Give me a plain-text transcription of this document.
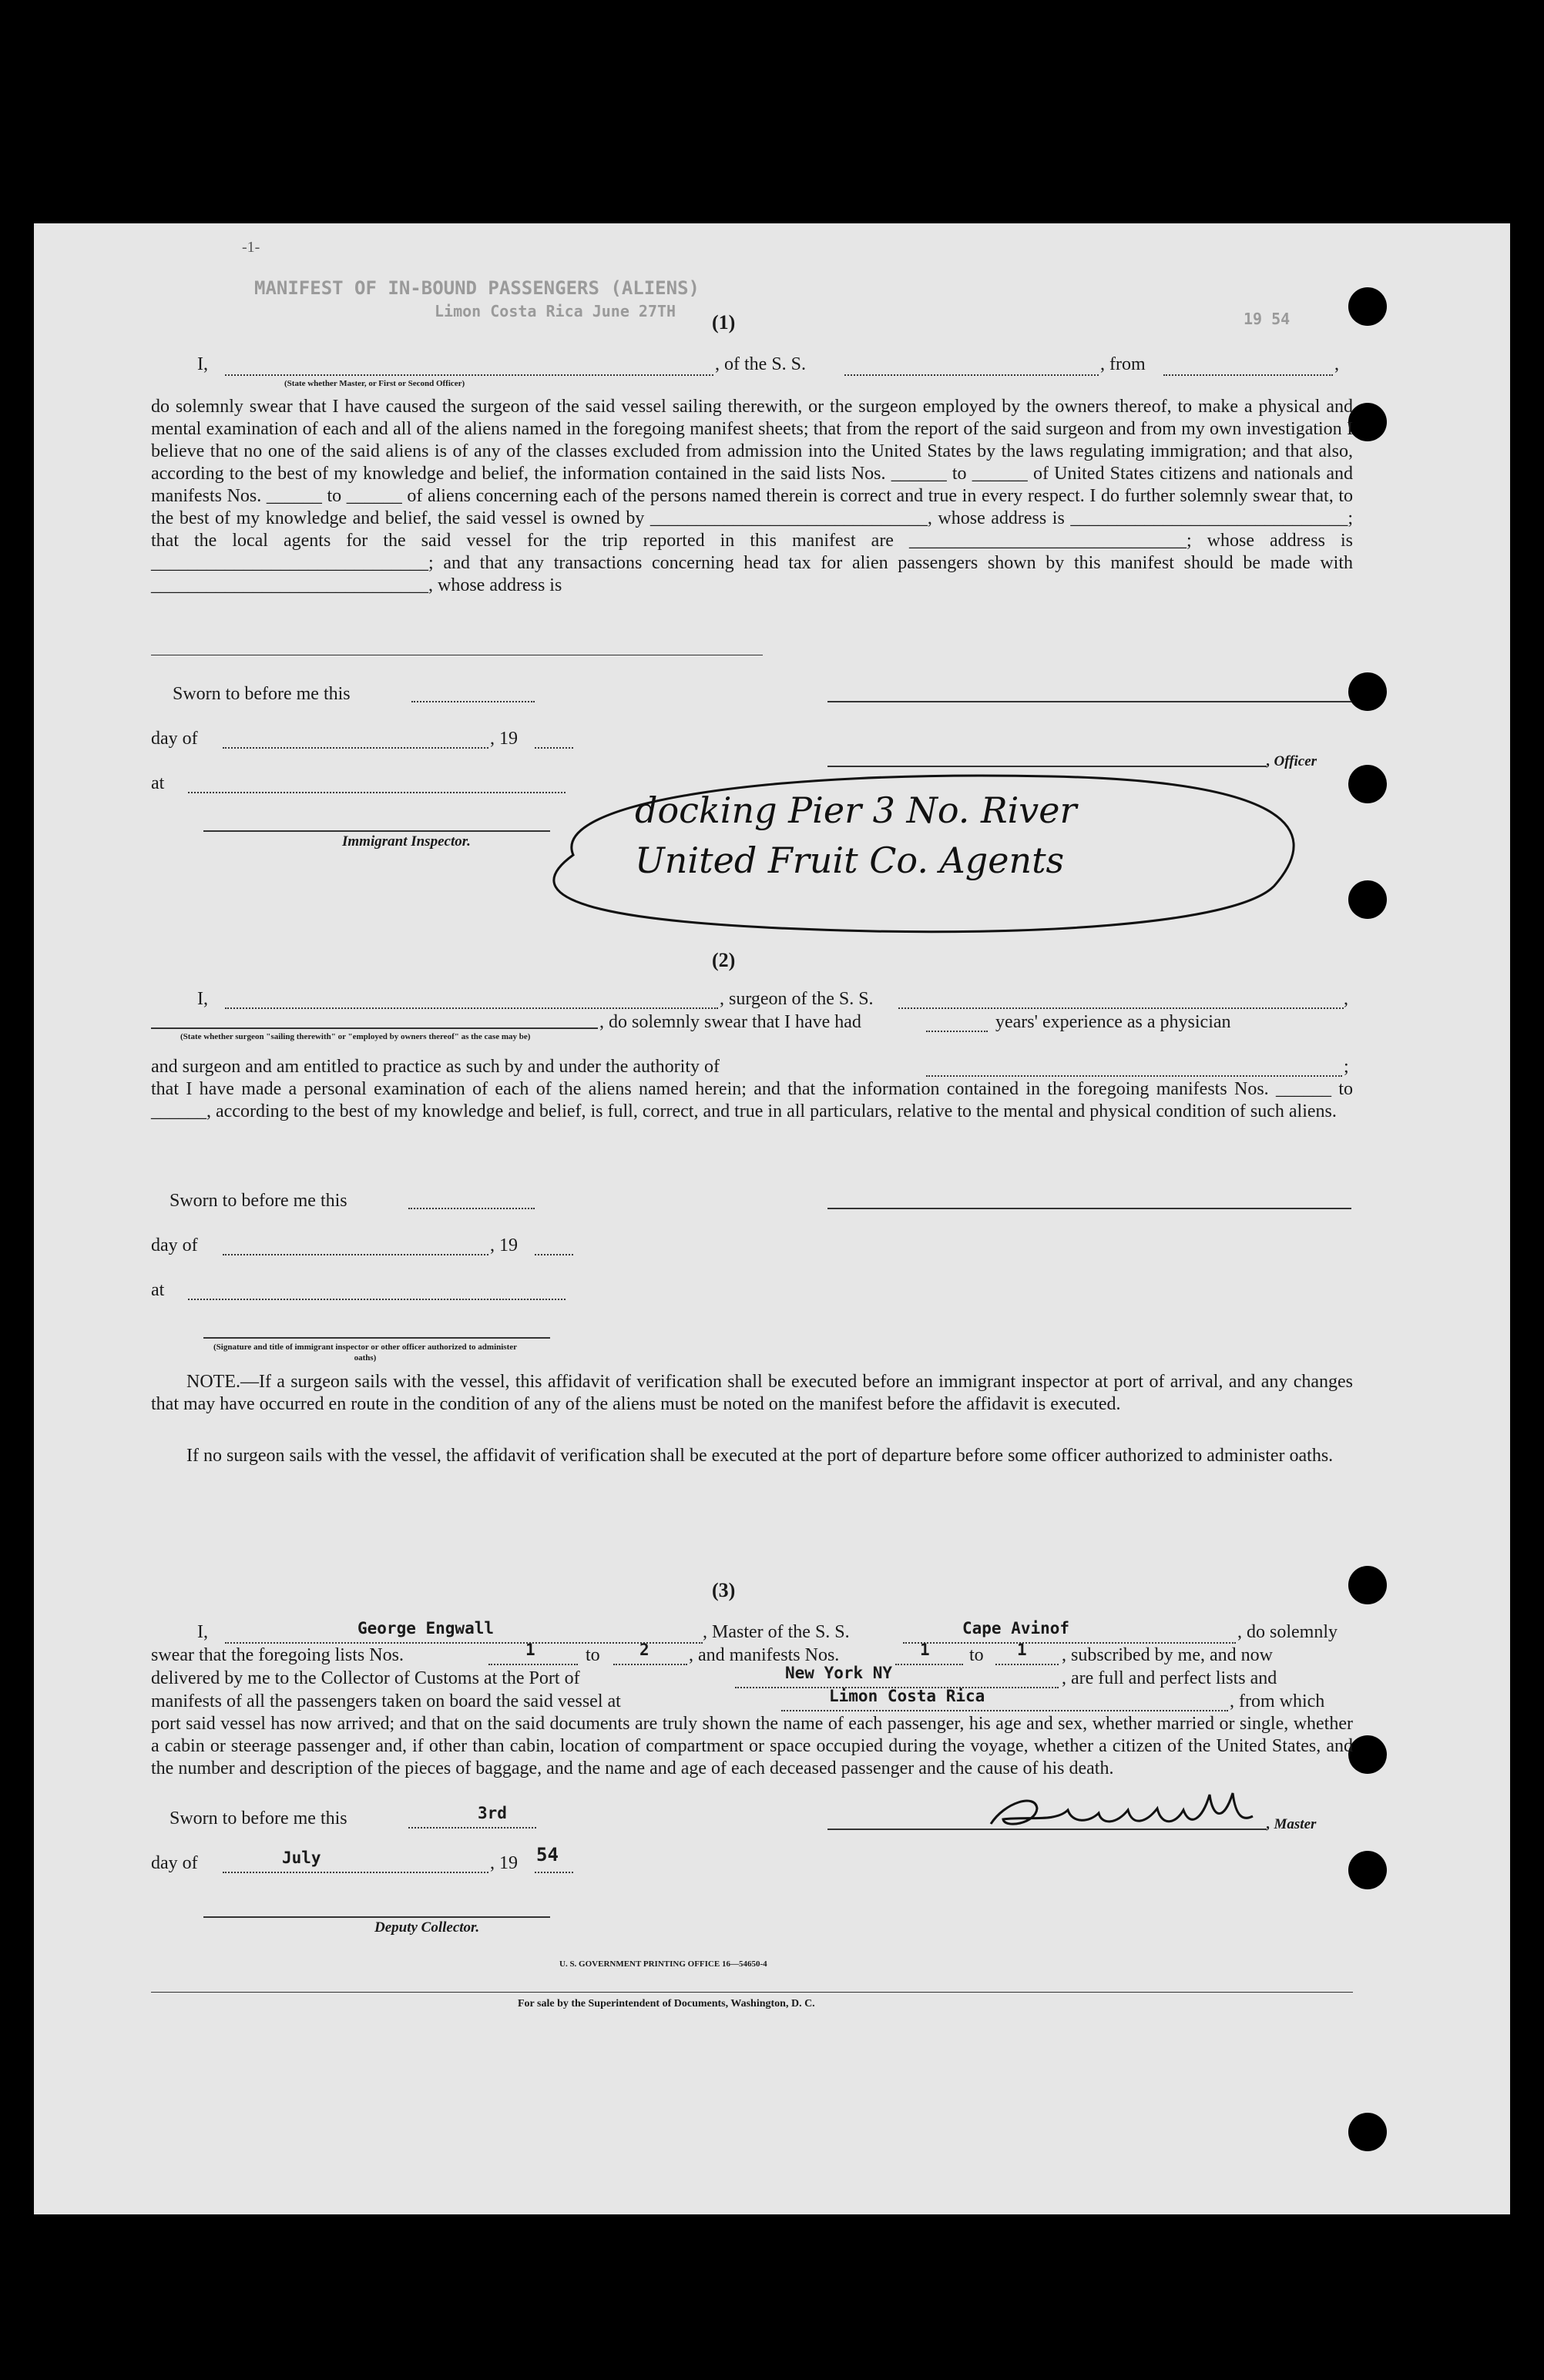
-1-
MANIFEST OF IN-BOUND PASSENGERS (ALIENS)
Limon Costa Rica June 27TH	19 54
(1)
I,
(State whether Master, or First or Second Officer)
, of the S. S.	, from	,
do solemnly swear that I have caused the surgeon of the said vessel sailing therewith, or the surgeon employed by the owners thereof, to make a physical and mental examination of each and all of the aliens named in the foregoing manifest sheets; that from the report of the said surgeon and from my own investigation I believe that no one of the said aliens is of any of the classes excluded from admission into the United States by the laws regulating immigration; and that also, according to the best of my knowledge and belief, the information contained in the said lists Nos. ______ to ______ of United States citizens and nationals and manifests Nos. ______ to ______ of aliens concerning each of the persons named therein is correct and true in every respect. I do further solemnly swear that, to the best of my knowledge and belief, the said vessel is owned by ______________________________, whose address is ______________________________; that the local agents for the said vessel for the trip reported in this manifest are ______________________________; whose address is ______________________________; and that any transactions concerning head tax for alien passengers shown by this manifest should be made with ______________________________, whose address is
Sworn to before me this
day of	, 19
, Officer
at
Immigrant Inspector.
docking Pier 3 No. River
United Fruit Co. Agents
(2)
I,	, surgeon of the S. S.	,
, do solemnly swear that I have had	years' experience as a physician
(State whether surgeon "sailing therewith" or "employed by owners thereof" as the case may be)
and surgeon and am entitled to practice as such by and under the authority of	;
that I have made a personal examination of each of the aliens named herein; and that the information contained in the foregoing manifests Nos. ______ to ______, according to the best of my knowledge and belief, is full, correct, and true in all particulars, relative to the mental and physical condition of such aliens.
Sworn to before me this
day of	, 19
at
(Signature and title of immigrant inspector or other officer authorized to administer oaths)
NOTE.—If a surgeon sails with the vessel, this affidavit of verification shall be executed before an immigrant inspector at port of arrival, and any changes that may have occurred en route in the condition of any of the aliens must be noted on the manifest before the affidavit is executed.
If no surgeon sails with the vessel, the affidavit of verification shall be executed at the port of departure before some officer authorized to administer oaths.
(3)
I,	George Engwall	, Master of the S. S.	Cape Avinof	, do solemnly
swear that the foregoing lists Nos.	1	to 2 , and manifests Nos.	1 to 1 , subscribed by me, and now
delivered by me to the Collector of Customs at the Port of	New York NY	, are full and perfect lists and
manifests of all the passengers taken on board the said vessel at	Limon Costa Rica	, from which
port said vessel has now arrived; and that on the said documents are truly shown the name of each passenger, his age and sex, whether married or single, whether a cabin or steerage passenger and, if other than cabin, location of compartment or space occupied during the voyage, whether a citizen of the United States, and the number and description of the pieces of baggage, and the name and age of each deceased passenger and the cause of his death.
Sworn to before me this	3rd
, Master
day of	July	, 19 54
Deputy Collector.
U. S. GOVERNMENT PRINTING OFFICE 16—54650-4
For sale by the Superintendent of Documents, Washington, D. C.
